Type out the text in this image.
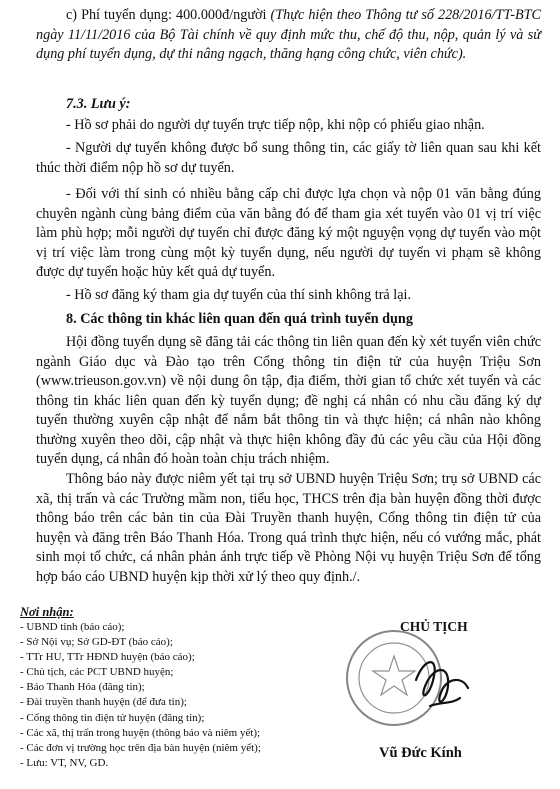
c) Phí tuyển dụng: 400.000đ/người (Thực hiện theo Thông tư số 228/2016/TT-BTC ngày 11/11/2016 của Bộ Tài chính về quy định mức thu, chế độ thu, nộp, quản lý và sử dụng phí tuyển dụng, dự thi nâng ngạch, thăng hạng công chức, viên chức).

7.3. Lưu ý:

- Hồ sơ phải do người dự tuyển trực tiếp nộp, khi nộp có phiếu giao nhận.

- Người dự tuyển không được bổ sung thông tin, các giấy tờ liên quan sau khi kết thúc thời điểm nộp hồ sơ dự tuyển.

- Đối với thí sinh có nhiều bằng cấp chỉ được lựa chọn và nộp 01 văn bằng đúng chuyên ngành cùng bảng điểm của văn bằng đó để tham gia xét tuyển vào 01 vị trí việc làm phù hợp; mỗi người dự tuyển chỉ được đăng ký một nguyện vọng dự tuyển vào một vị trí việc làm trong cùng một kỳ tuyển dụng, nếu người dự tuyển vi phạm sẽ không được dự tuyển hoặc hủy kết quả dự tuyển.

- Hồ sơ đăng ký tham gia dự tuyển của thí sinh không trả lại.

8. Các thông tin khác liên quan đến quá trình tuyển dụng

Hội đồng tuyển dụng sẽ đăng tải các thông tin liên quan đến kỳ xét tuyển viên chức ngành Giáo dục và Đào tạo trên Cổng thông tin điện tử của huyện Triệu Sơn (www.trieuson.gov.vn) về nội dung ôn tập, địa điểm, thời gian tổ chức xét tuyển và các thông tin khác liên quan đến kỳ tuyển dụng; đề nghị cá nhân có nhu cầu đăng ký dự tuyển thường xuyên cập nhật để nắm bắt thông tin và thực hiện; cá nhân nào không thường xuyên theo dõi, cập nhật và thực hiện không đầy đủ các yêu cầu của Hội đồng tuyển dụng, cá nhân đó hoàn toàn chịu trách nhiệm.

Thông báo này được niêm yết tại trụ sở UBND huyện Triệu Sơn; trụ sở UBND các xã, thị trấn và các Trường mầm non, tiểu học, THCS trên địa bàn huyện đồng thời được thông báo trên các bản tin của Đài Truyền thanh huyện, Cổng thông tin điện tử của huyện và đăng trên Báo Thanh Hóa. Trong quá trình thực hiện, nếu có vướng mắc, phát sinh mọi tổ chức, cá nhân phản ánh trực tiếp về Phòng Nội vụ huyện Triệu Sơn để tổng hợp báo cáo UBND huyện kịp thời xử lý theo quy định./.

Nơi nhận:
- UBND tỉnh (báo cáo);
- Sở Nội vụ; Sở GD-ĐT (báo cáo);
- TTr HU, TTr HĐND huyện (báo cáo);
- Chủ tịch, các PCT UBND huyện;
- Báo Thanh Hóa (đăng tin);
- Đài truyền thanh huyện (để đưa tin);
- Cổng thông tin điện tử huyện (đăng tin);
- Các xã, thị trấn trong huyện (thông báo và niêm yết);
- Các đơn vị trường học trên địa bàn huyện (niêm yết);
- Lưu: VT, NV, GD.
CHỦ TỊCH
Vũ Đức Kính
